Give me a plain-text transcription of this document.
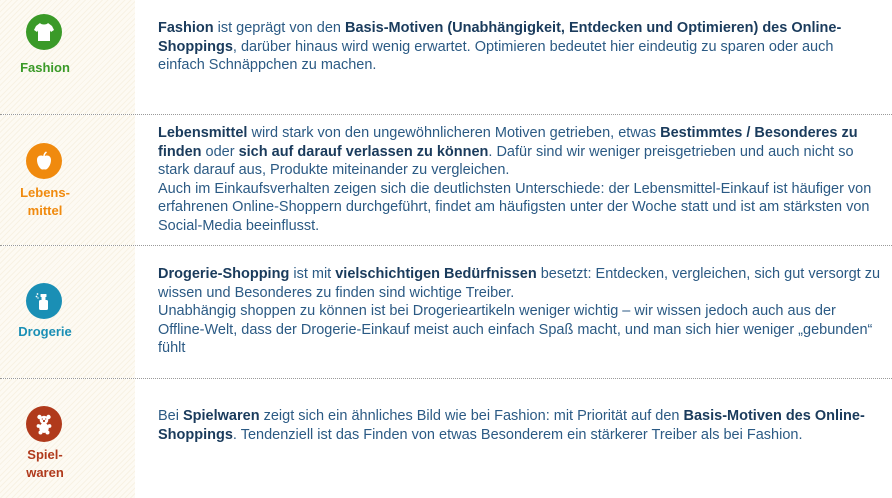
Fashion

Fashion ist geprägt von den Basis-Motiven (Unabhängigkeit, Entdecken und Optimieren) des Online-Shoppings, darüber hinaus wird wenig erwartet. Optimieren bedeutet hier eindeutig zu sparen oder auch einfach Schnäppchen zu machen.

Lebens-
mittel

Lebensmittel wird stark von den ungewöhnlicheren Motiven getrieben, etwas Bestimmtes / Besonderes zu finden oder sich auf darauf verlassen zu können. Dafür sind wir weniger preisgetrieben und auch nicht so stark darauf aus, Produkte miteinander zu vergleichen.

Auch im Einkaufsverhalten zeigen sich die deutlichsten Unterschiede: der Lebensmittel-Einkauf ist häufiger von erfahrenen Online-Shoppern durchgeführt, findet am häufigsten unter der Woche statt und ist am stärksten von Social-Media beeinflusst.

Drogerie

Drogerie-Shopping ist mit vielschichtigen Bedürfnissen besetzt: Entdecken, vergleichen, sich gut versorgt zu wissen und Besonderes zu finden sind wichtige Treiber.

Unabhängig shoppen zu können ist bei Drogerieartikeln weniger wichtig – wir wissen jedoch auch aus der Offline-Welt, dass der Drogerie-Einkauf meist auch einfach Spaß macht, und man sich hier weniger „gebunden“ fühlt

Spiel-
waren

Bei Spielwaren zeigt sich ein ähnliches Bild wie bei Fashion: mit Priorität auf den Basis-Motiven des Online-Shoppings. Tendenziell ist das Finden von etwas Besonderem ein stärkerer Treiber als bei Fashion.
